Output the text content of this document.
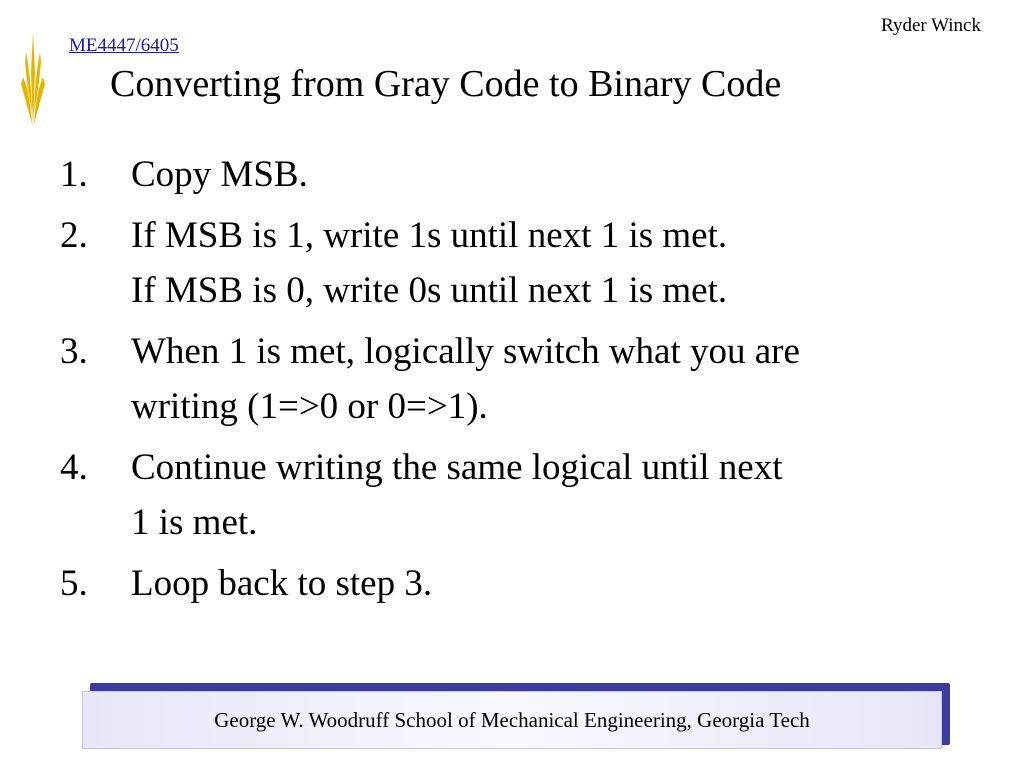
Ryder Winck
ME4447/6405
Converting from Gray Code to Binary Code
1.	Copy MSB.
2.	If MSB is 1, write 1s until next 1 is met.
If MSB is 0, write 0s until next 1 is met.
3.	When 1 is met, logically switch what you are
writing (1=>0 or 0=>1).
4.	Continue writing the same logical until next
1 is met.
5.	Loop back to step 3.
George W. Woodruff School of Mechanical Engineering, Georgia Tech
